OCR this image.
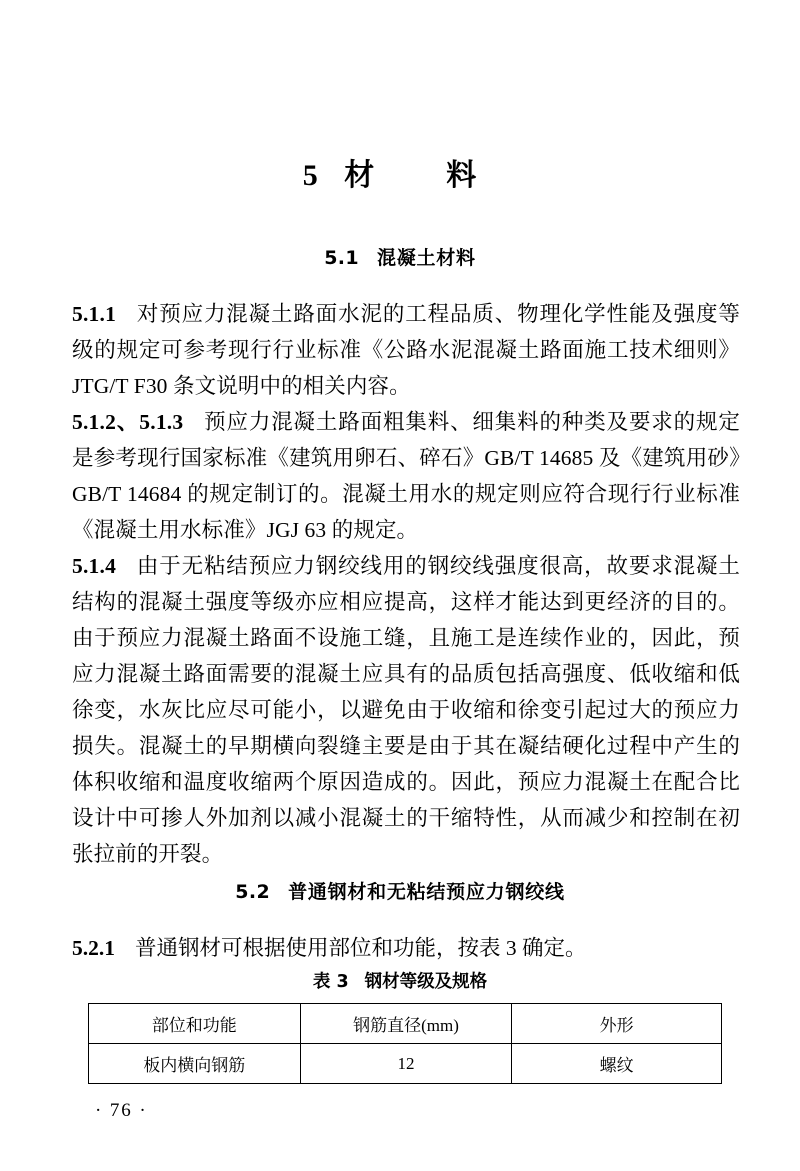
5 材　料
5.1 混凝土材料

5.1.1 对预应力混凝土路面水泥的工程品质、物理化学性能及强度等级的规定可参考现行行业标准《公路水泥混凝土路面施工技术细则》JTG/T F30 条文说明中的相关内容。

5.1.2、5.1.3 预应力混凝土路面粗集料、细集料的种类及要求的规定是参考现行国家标准《建筑用卵石、碎石》GB/T 14685 及《建筑用砂》GB/T 14684 的规定制订的。混凝土用水的规定则应符合现行行业标准《混凝土用水标准》JGJ 63 的规定。

5.1.4 由于无粘结预应力钢绞线用的钢绞线强度很高，故要求混凝土结构的混凝土强度等级亦应相应提高，这样才能达到更经济的目的。由于预应力混凝土路面不设施工缝，且施工是连续作业的，因此，预应力混凝土路面需要的混凝土应具有的品质包括高强度、低收缩和低徐变，水灰比应尽可能小，以避免由于收缩和徐变引起过大的预应力损失。混凝土的早期横向裂缝主要是由于其在凝结硬化过程中产生的体积收缩和温度收缩两个原因造成的。因此，预应力混凝土在配合比设计中可掺人外加剂以减小混凝土的干缩特性，从而减少和控制在初张拉前的开裂。

5.2 普通钢材和无粘结预应力钢绞线
5.2.1 普通钢材可根据使用部位和功能，按表 3 确定。
表 3 钢材等级及规格
部位和功能	钢筋直径(mm)	外形
板内横向钢筋	12	螺纹
· 76 ·
